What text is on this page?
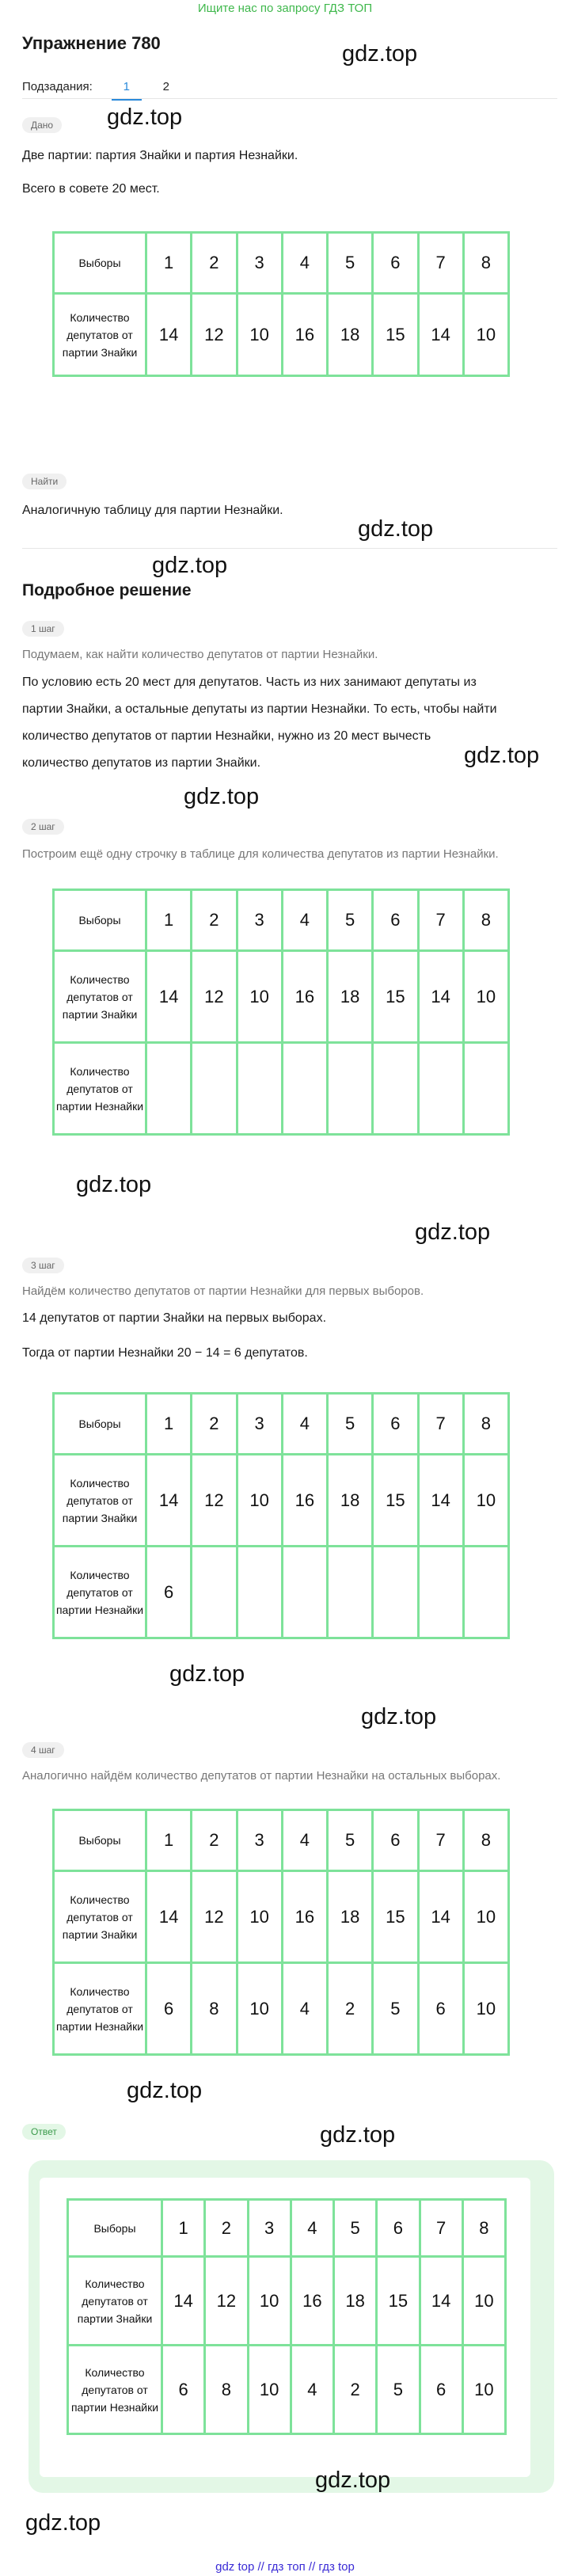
Ищите нас по запросу ГДЗ ТОП
Упражнение 780	gdz.top
Подзадания:	1	2
Дано	gdz.top
Две партии: партия Знайки и партия Незнайки.
Всего в совете 20 мест.
Выборы	1	2	3	4	5	6	7	8
Количество депутатов от партии Знайки	14	12	10	16	18	15	14	10
Найти
Аналогичную таблицу для партии Незнайки.
gdz.top
gdz.top
Подробное решение
1 шаг
Подумаем, как найти количество депутатов от партии Незнайки.
По условию есть 20 мест для депутатов. Часть из них занимают депутаты из
партии Знайки, а остальные депутаты из партии Незнайки. То есть, чтобы найти
количество депутатов от партии Незнайки, нужно из 20 мест вычесть
количество депутатов из партии Знайки.	gdz.top
gdz.top
2 шаг
Построим ещё одну строчку в таблице для количества депутатов из партии Незнайки.
Выборы	1	2	3	4	5	6	7	8
Количество депутатов от партии Знайки	14	12	10	16	18	15	14	10
Количество депутатов от партии Незнайки								
gdz.top
gdz.top
3 шаг
Найдём количество депутатов от партии Незнайки для первых выборов.
14 депутатов от партии Знайки на первых выборах.
Тогда от партии Незнайки 20 − 14 = 6 депутатов.
Выборы	1	2	3	4	5	6	7	8
Количество депутатов от партии Знайки	14	12	10	16	18	15	14	10
Количество депутатов от партии Незнайки	6							
gdz.top
gdz.top
4 шаг
Аналогично найдём количество депутатов от партии Незнайки на остальных выборах.
Выборы	1	2	3	4	5	6	7	8
Количество депутатов от партии Знайки	14	12	10	16	18	15	14	10
Количество депутатов от партии Незнайки	6	8	10	4	2	5	6	10
gdz.top
gdz.top
Ответ
Выборы	1	2	3	4	5	6	7	8
Количество депутатов от партии Знайки	14	12	10	16	18	15	14	10
Количество депутатов от партии Незнайки	6	8	10	4	2	5	6	10
gdz.top
gdz.top
gdz top // гдз топ // гдз top
